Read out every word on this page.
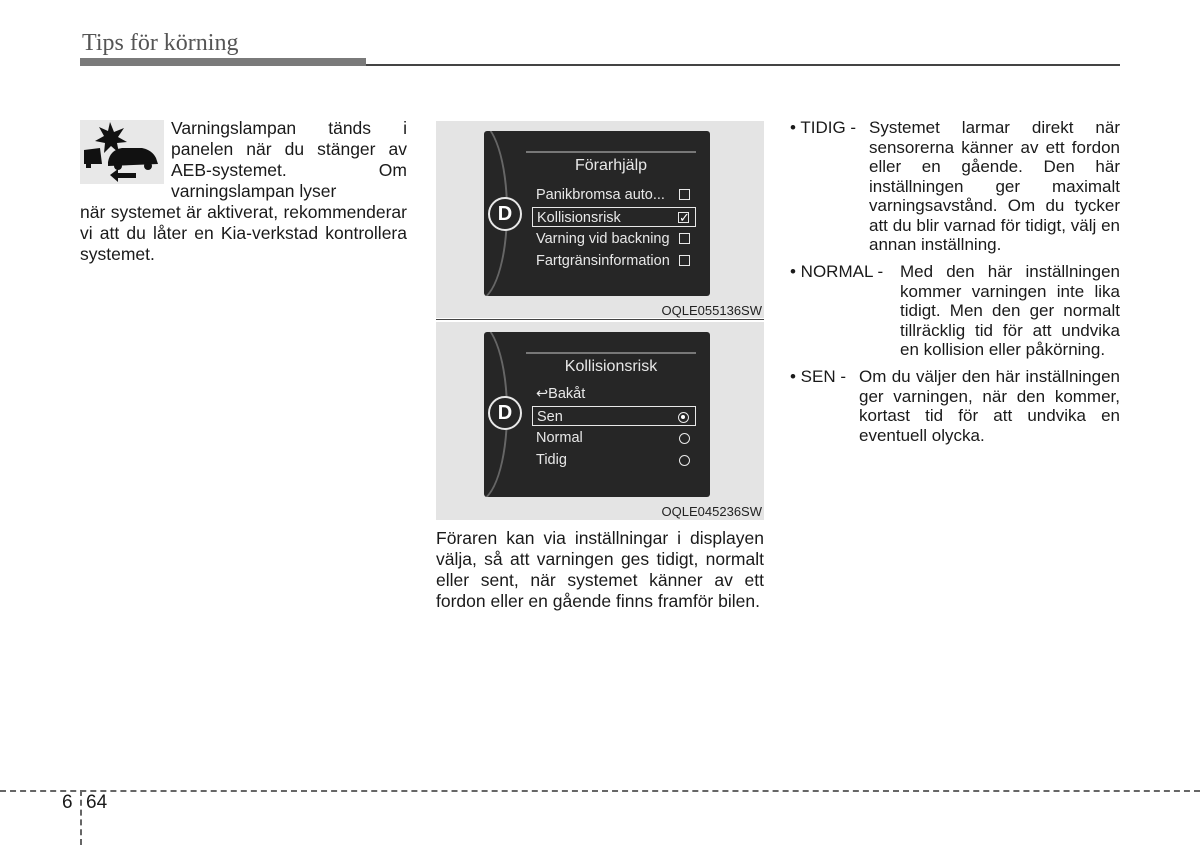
Tips för körning
Varningslampan tänds i panelen när du stänger av AEB-systemet. Om varningslampan lyser
när systemet är aktiverat, rekommenderar vi att du låter en Kia-verkstad kontrollera systemet.
Förarhjälp
D
Panikbromsa auto...
Kollisionsrisk
✓
Varning vid backning
Fartgränsinformation
OQLE055136SW
Kollisionsrisk
D
↩Bakåt
Sen
Normal
Tidig
OQLE045236SW
Föraren kan via inställningar i displayen välja, så att varningen ges tidigt, normalt eller sent, när systemet känner av ett fordon eller en gående finns framför bilen.
• TIDIG - Systemet larmar direkt när sensorerna känner av ett fordon eller en gående. Den här inställningen ger maximalt varningsavstånd. Om du tycker att du blir varnad för tidigt, välj en annan inställning.
• NORMAL - Med den här inställningen kommer varningen inte lika tidigt. Men den ger normalt tillräcklig tid för att undvika en kollision eller påkörning.
• SEN - Om du väljer den här inställningen ger varningen, när den kommer, kortast tid för att undvika en eventuell olycka.
6 64
